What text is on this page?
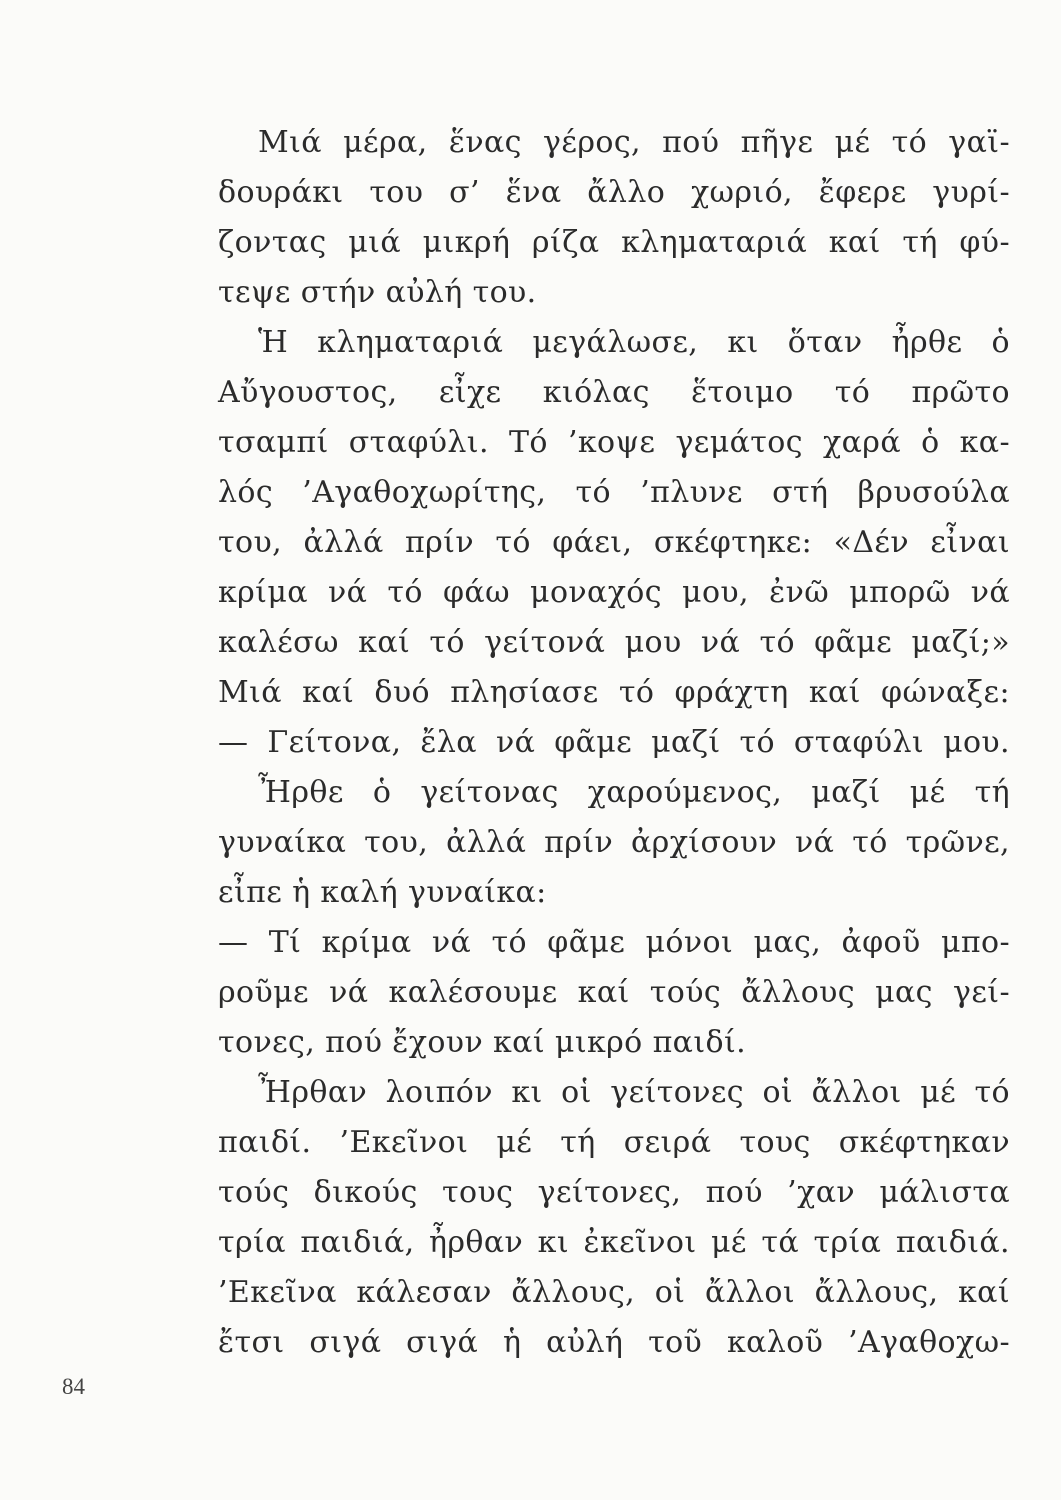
Μιά μέρα, ἕνας γέρος, πού πῆγε μέ τό γαϊ-
δουράκι του σ’ ἕνα ἄλλο χωριό, ἔφερε γυρί-
ζοντας μιά μικρή ρίζα κληματαριά καί τή φύ-
τεψε στήν αὐλή του.
Ἡ κληματαριά μεγάλωσε, κι ὅταν ἦρθε ὁ
Αὔγουστος, εἶχε κιόλας ἕτοιμο τό πρῶτο
τσαμπί σταφύλι. Τό ’κοψε γεμάτος χαρά ὁ κα-
λός ’Αγαθοχωρίτης, τό ’πλυνε στή βρυσούλα
του, ἀλλά πρίν τό φάει, σκέφτηκε: «Δέν εἶναι
κρίμα νά τό φάω μοναχός μου, ἐνῶ μπορῶ νά
καλέσω καί τό γείτονά μου νά τό φᾶμε μαζί;»
Μιά καί δυό πλησίασε τό φράχτη καί φώναξε:
— Γείτονα, ἔλα νά φᾶμε μαζί τό σταφύλι μου.
Ἦρθε ὁ γείτονας χαρούμενος, μαζί μέ τή
γυναίκα του, ἀλλά πρίν ἀρχίσουν νά τό τρῶνε,
εἶπε ἡ καλή γυναίκα:
— Τί κρίμα νά τό φᾶμε μόνοι μας, ἀφοῦ μπο-
ροῦμε νά καλέσουμε καί τούς ἄλλους μας γεί-
τονες, πού ἔχουν καί μικρό παιδί.
Ἦρθαν λοιπόν κι οἱ γείτονες οἱ ἄλλοι μέ τό
παιδί. ’Εκεῖνοι μέ τή σειρά τους σκέφτηκαν
τούς δικούς τους γείτονες, πού ’χαν μάλιστα
τρία παιδιά, ἦρθαν κι ἐκεῖνοι μέ τά τρία παιδιά.
’Εκεῖνα κάλεσαν ἄλλους, οἱ ἄλλοι ἄλλους, καί
ἔτσι σιγά σιγά ἡ αὐλή τοῦ καλοῦ ’Αγαθοχω-
84
